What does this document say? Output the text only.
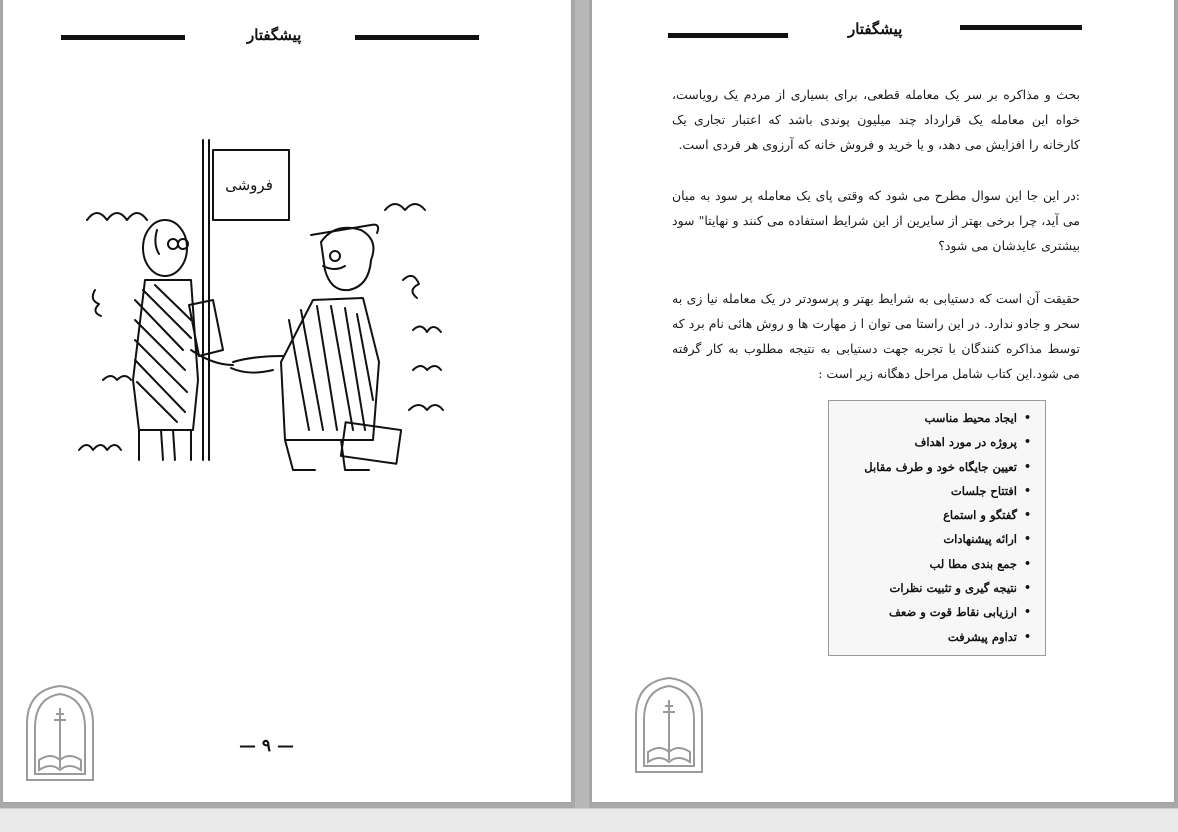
پیشگفتار
فروشی
— ۹ —
پیشگفتار
بحث و مذاکره بر سر یک معامله قطعی، برای بسیاری از مردم یک رویاست، خواه این معامله یک قرارداد چند میلیون پوندی باشد که اعتبار تجاری یک کارخانه را افزایش می دهد، و یا خرید و فروش خانه که آرزوی هر فردی است.
:در این جا این سوال مطرح می شود که وقتی پای یک معامله پر سود به میان می آید، چرا برخی بهتر از سایرین از این شرایط استفاده می کنند و نهایتا" سود بیشتری عایدشان می شود؟
حقیقت آن است که دستیابی به شرایط بهتر و پرسودتر در یک معامله نیا زی به سحر و جادو ندارد. در این راستا می توان ا ز مهارت ها و روش هائی نام برد که توسط مذاکره کنندگان با تجربه جهت دستیابی به نتیجه مطلوب به کار گرفته می شود.این کتاب شامل مراحل دهگانه زیر است :
•
ایجاد محیط مناسب
•
پروژه در مورد اهداف
•
تعیین جایگاه خود و طرف مقابل
•
افتتاح جلسات
•
گفتگو و استماع
•
ارائه پیشنهادات
•
جمع بندی مطا لب
•
نتیجه گیری و تثبیت نظرات
•
ارزیابی نقاط قوت و ضعف
•
تداوم پیشرفت
